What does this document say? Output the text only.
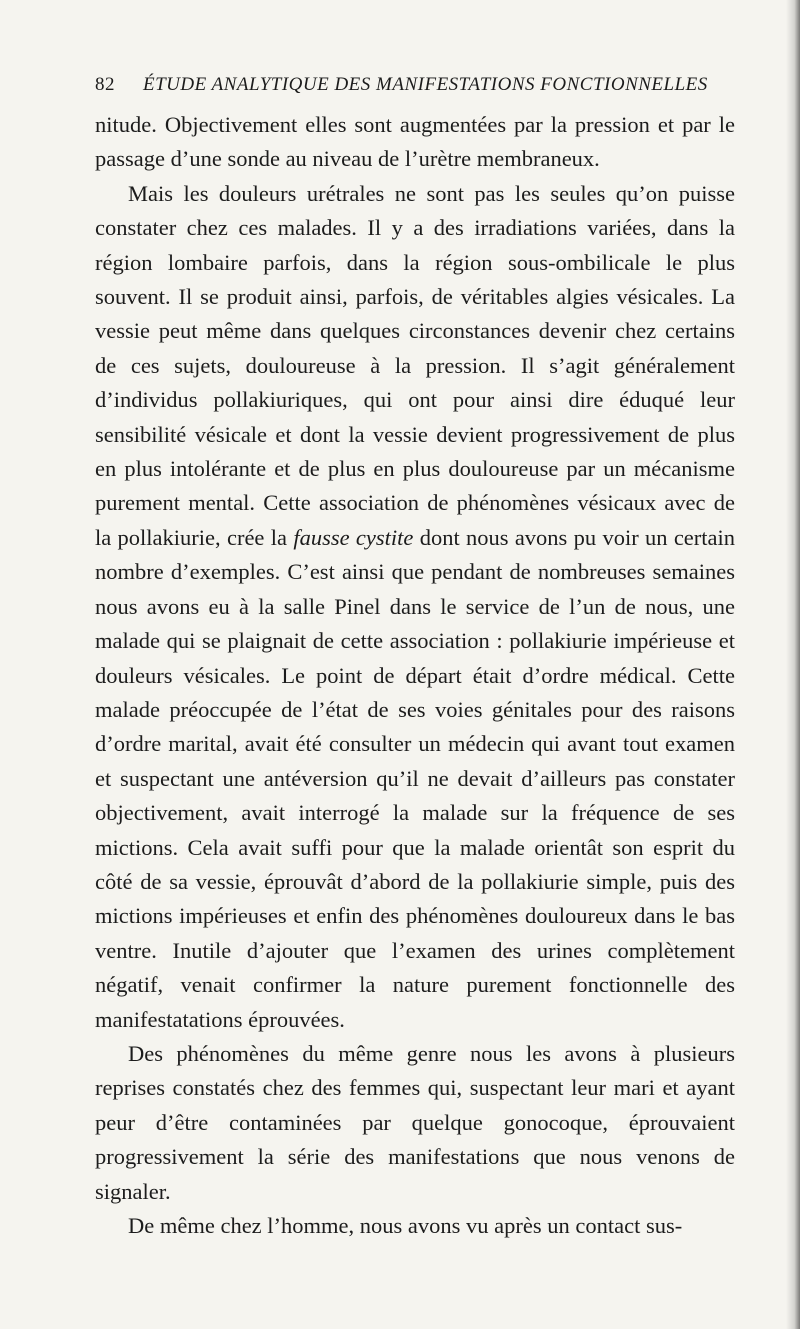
82 ÉTUDE ANALYTIQUE DES MANIFESTATIONS FONCTIONNELLES

nitude. Objectivement elles sont augmentées par la pression et par le passage d’une sonde au niveau de l’urètre membraneux.

Mais les douleurs urétrales ne sont pas les seules qu’on puisse constater chez ces malades. Il y a des irradiations variées, dans la région lombaire parfois, dans la région sous-ombilicale le plus souvent. Il se produit ainsi, parfois, de véritables algies vésicales. La vessie peut même dans quelques circonstances devenir chez certains de ces sujets, douloureuse à la pression. Il s’agit généralement d’individus pollakiuriques, qui ont pour ainsi dire éduqué leur sensibilité vésicale et dont la vessie devient progressivement de plus en plus intolérante et de plus en plus douloureuse par un mécanisme purement mental. Cette association de phénomènes vésicaux avec de la pollakiurie, crée la fausse cystite dont nous avons pu voir un certain nombre d’exemples. C’est ainsi que pendant de nombreuses semaines nous avons eu à la salle Pinel dans le service de l’un de nous, une malade qui se plaignait de cette association : pollakiurie impérieuse et douleurs vésicales. Le point de départ était d’ordre médical. Cette malade préoccupée de l’état de ses voies génitales pour des raisons d’ordre marital, avait été consulter un médecin qui avant tout examen et suspectant une antéversion qu’il ne devait d’ailleurs pas constater objectivement, avait interrogé la malade sur la fréquence de ses mictions. Cela avait suffi pour que la malade orientât son esprit du côté de sa vessie, éprouvât d’abord de la pollakiurie simple, puis des mictions impérieuses et enfin des phénomènes douloureux dans le bas ventre. Inutile d’ajouter que l’examen des urines complètement négatif, venait confirmer la nature purement fonctionnelle des manifestatations éprouvées.

Des phénomènes du même genre nous les avons à plusieurs reprises constatés chez des femmes qui, suspectant leur mari et ayant peur d’être contaminées par quelque gonocoque, éprouvaient progressivement la série des manifestations que nous venons de signaler.

De même chez l’homme, nous avons vu après un contact sus-
